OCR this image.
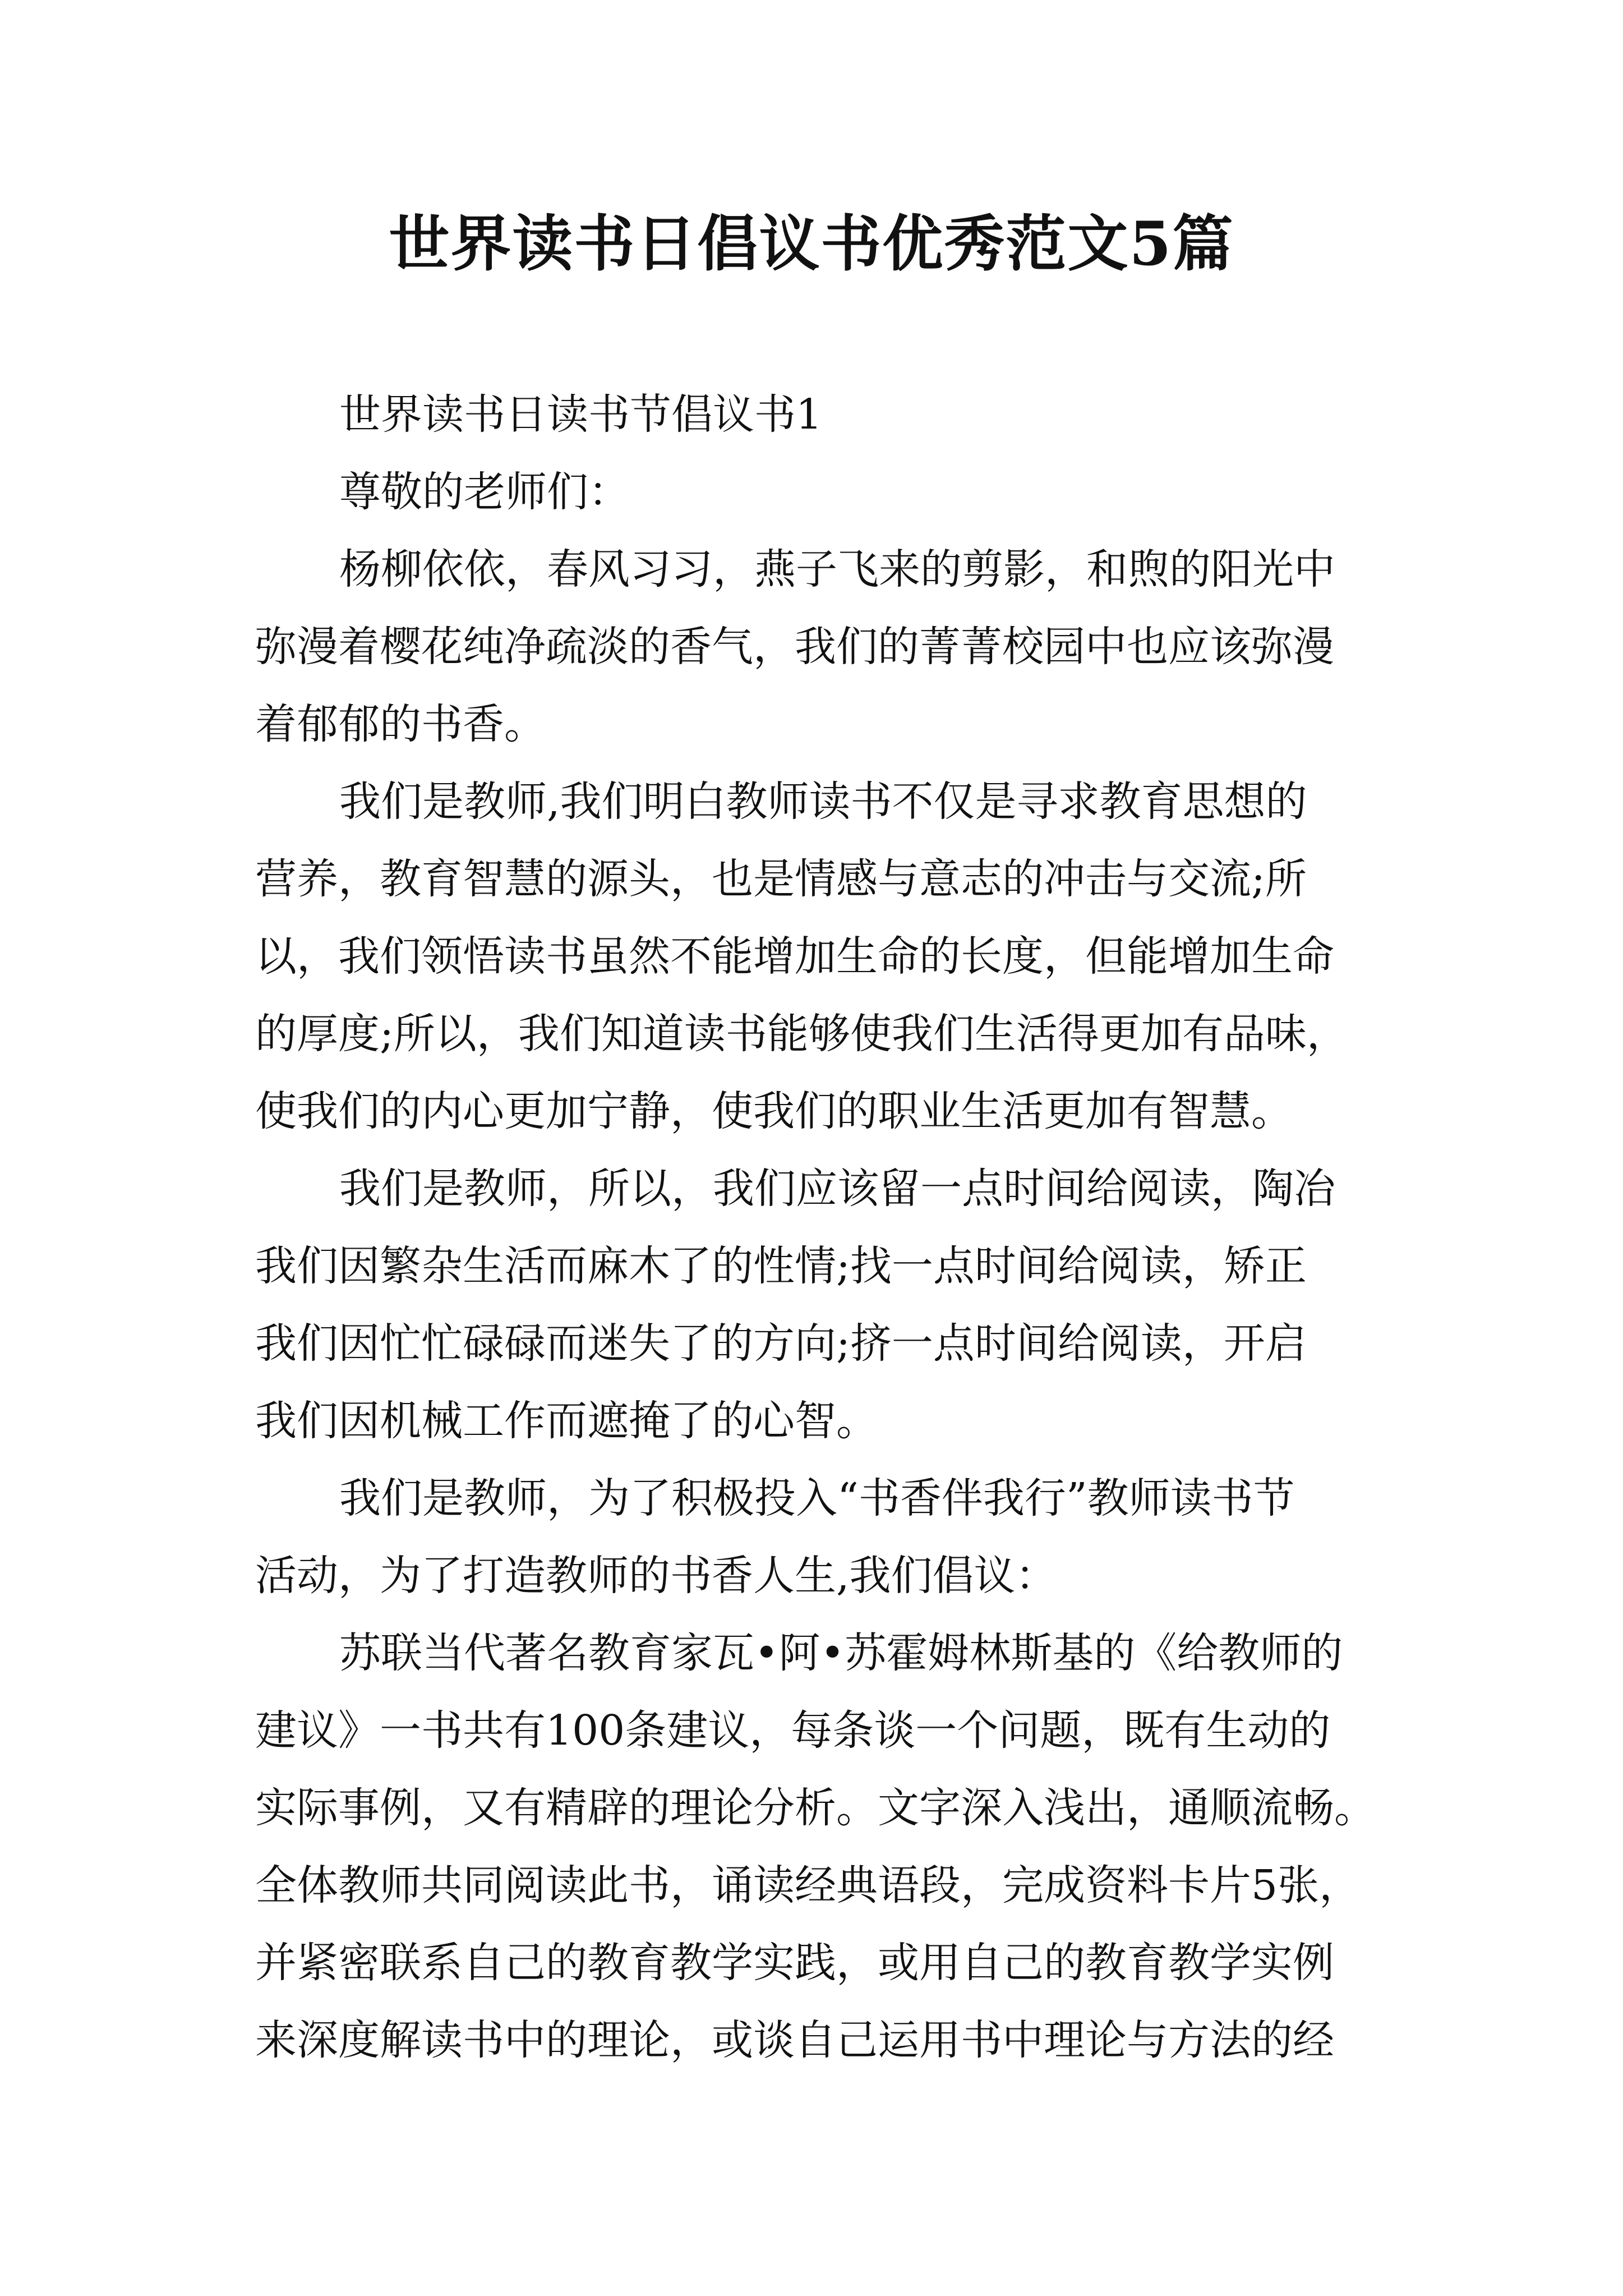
世界读书日倡议书优秀范文5篇
世界读书日读书节倡议书1
尊敬的老师们：
杨柳依依，春风习习，燕子飞来的剪影，和煦的阳光中
弥漫着樱花纯净疏淡的香气，我们的菁菁校园中也应该弥漫
着郁郁的书香。
我们是教师,我们明白教师读书不仅是寻求教育思想的
营养，教育智慧的源头，也是情感与意志的冲击与交流;所
以，我们领悟读书虽然不能增加生命的长度，但能增加生命
的厚度;所以，我们知道读书能够使我们生活得更加有品味，
使我们的内心更加宁静，使我们的职业生活更加有智慧。
我们是教师，所以，我们应该留一点时间给阅读，陶冶
我们因繁杂生活而麻木了的性情;找一点时间给阅读，矫正
我们因忙忙碌碌而迷失了的方向;挤一点时间给阅读，开启
我们因机械工作而遮掩了的心智。
我们是教师，为了积极投入“书香伴我行”教师读书节
活动，为了打造教师的书香人生,我们倡议：
苏联当代著名教育家瓦•阿•苏霍姆林斯基的《给教师的
建议》一书共有100条建议，每条谈一个问题，既有生动的
实际事例，又有精辟的理论分析。文字深入浅出，通顺流畅。
全体教师共同阅读此书，诵读经典语段，完成资料卡片5张，
并紧密联系自己的教育教学实践，或用自己的教育教学实例
来深度解读书中的理论，或谈自己运用书中理论与方法的经
